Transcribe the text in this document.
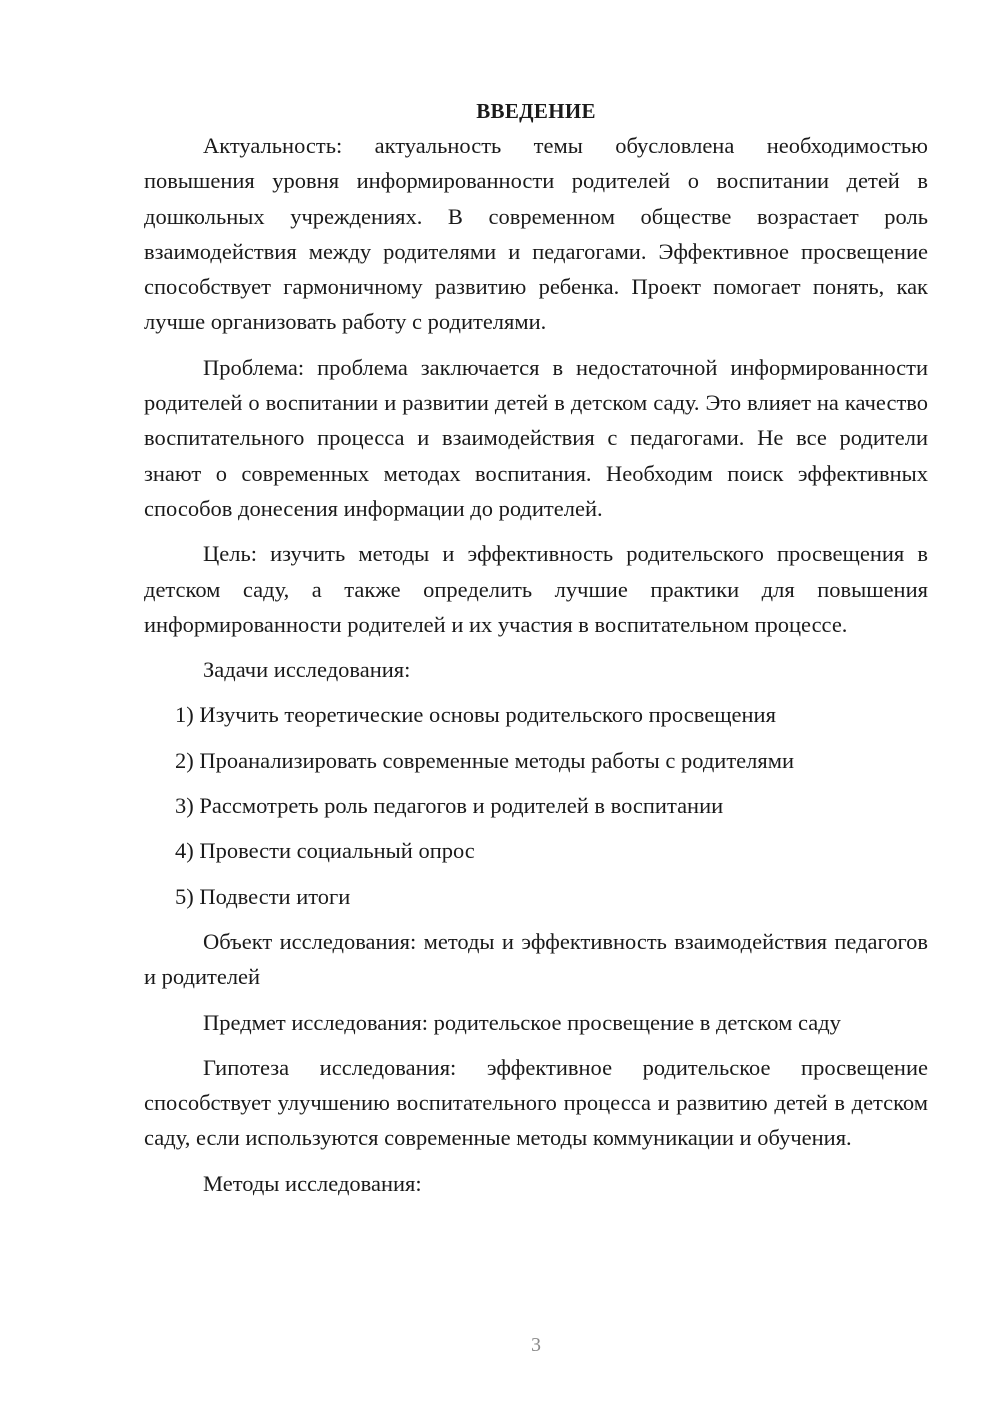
ВВЕДЕНИЕ

Актуальность: актуальность темы обусловлена необходимостью повышения уровня информированности родителей о воспитании детей в дошкольных учреждениях. В современном обществе возрастает роль взаимодействия между родителями и педагогами. Эффективное просвещение способствует гармоничному развитию ребенка. Проект помогает понять, как лучше организовать работу с родителями.

Проблема: проблема заключается в недостаточной информированности родителей о воспитании и развитии детей в детском саду. Это влияет на качество воспитательного процесса и взаимодействия с педагогами. Не все родители знают о современных методах воспитания. Необходим поиск эффективных способов донесения информации до родителей.

Цель: изучить методы и эффективность родительского просвещения в детском саду, а также определить лучшие практики для повышения информированности родителей и их участия в воспитательном процессе.

Задачи исследования:

1) Изучить теоретические основы родительского просвещения
2) Проанализировать современные методы работы с родителями
3) Рассмотреть роль педагогов и родителей в воспитании
4) Провести социальный опрос
5) Подвести итоги

Объект исследования: методы и эффективность взаимодействия педагогов и родителей

Предмет исследования: родительское просвещение в детском саду

Гипотеза исследования: эффективное родительское просвещение способствует улучшению воспитательного процесса и развитию детей в детском саду, если используются современные методы коммуникации и обучения.

Методы исследования:

3
